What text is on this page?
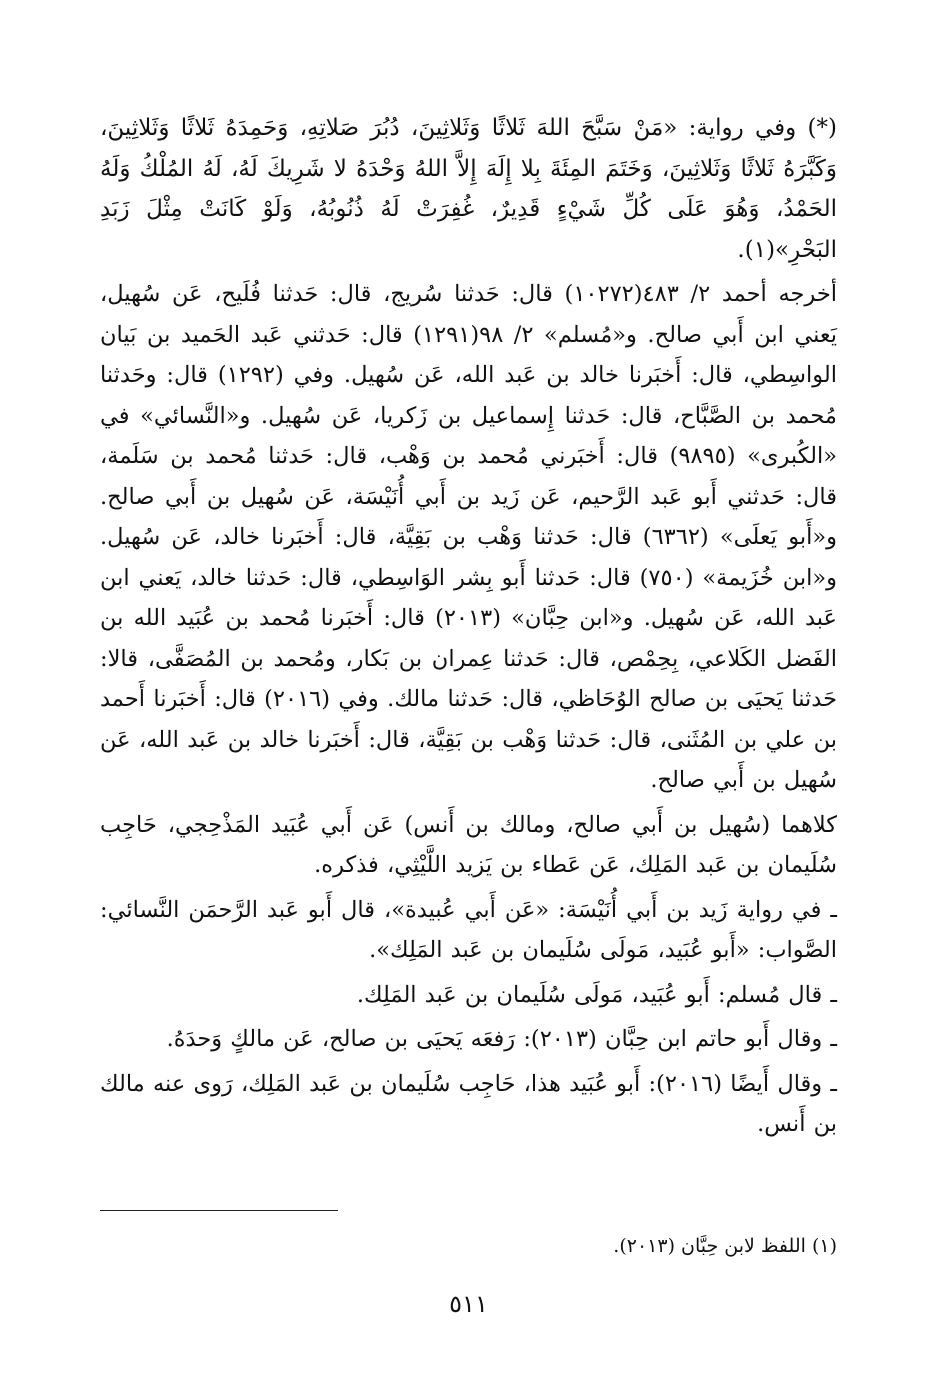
(*) وفي رواية: «مَنْ سَبَّحَ اللهَ ثَلاثًا وَثَلاثِينَ، دُبُرَ صَلاتِهِ، وَحَمِدَهُ ثَلاثًا وَثَلاثِينَ، وَكَبَّرَهُ ثَلاثًا وَثَلاثِينَ، وَخَتَمَ المِئَةَ بِلا إِلَهَ إِلاَّ اللهُ وَحْدَهُ لا شَرِيكَ لَهُ، لَهُ المُلْكُ وَلَهُ الحَمْدُ، وَهُوَ عَلَى كُلِّ شَيْءٍ قَدِيرٌ، غُفِرَتْ لَهُ ذُنُوبُهُ، وَلَوْ كَانَتْ مِثْلَ زَبَدِ البَحْرِ»(١).

أخرجه أحمد ٢/ ٤٨٣(١٠٢٧٢) قال: حَدثنا سُريج، قال: حَدثنا فُلَيح، عَن سُهيل، يَعني ابن أَبي صالح. و«مُسلم» ٢/ ٩٨(١٢٩١) قال: حَدثني عَبد الحَميد بن بَيان الواسِطي، قال: أَخبَرنا خالد بن عَبد الله، عَن سُهيل. وفي (١٢٩٢) قال: وحَدثنا مُحمد بن الصَّبَّاح، قال: حَدثنا إِسماعيل بن زَكريا، عَن سُهيل. و«النَّسائي» في «الكُبرى» (٩٨٩٥) قال: أَخبَرني مُحمد بن وَهْب، قال: حَدثنا مُحمد بن سَلَمة، قال: حَدثني أَبو عَبد الرَّحيم، عَن زَيد بن أَبي أُنَيْسَة، عَن سُهيل بن أَبي صالح. و«أَبو يَعلَى» (٦٣٦٢) قال: حَدثنا وَهْب بن بَقِيَّة، قال: أَخبَرنا خالد، عَن سُهيل. و«ابن خُزَيمة» (٧٥٠) قال: حَدثنا أَبو بِشر الوَاسِطي، قال: حَدثنا خالد، يَعني ابن عَبد الله، عَن سُهيل. و«ابن حِبَّان» (٢٠١٣) قال: أَخبَرنا مُحمد بن عُبَيد الله بن الفَضل الكَلاعي، بِحِمْص، قال: حَدثنا عِمران بن بَكار، ومُحمد بن المُصَفَّى، قالا: حَدثنا يَحيَى بن صالح الوُحَاظي، قال: حَدثنا مالك. وفي (٢٠١٦) قال: أَخبَرنا أَحمد بن علي بن المُثَنى، قال: حَدثنا وَهْب بن بَقِيَّة، قال: أَخبَرنا خالد بن عَبد الله، عَن سُهيل بن أَبي صالح.

كلاهما (سُهيل بن أَبي صالح، ومالك بن أَنس) عَن أَبي عُبَيد المَذْحِجي، حَاجِب سُلَيمان بن عَبد المَلِك، عَن عَطاء بن يَزيد اللَّيْثِي، فذكره.

ـ في رواية زَيد بن أَبي أُنَيْسَة: «عَن أَبي عُبيدة»، قال أَبو عَبد الرَّحمَن النَّسائي: الصَّواب: «أَبو عُبَيد، مَولَى سُلَيمان بن عَبد المَلِك».

ـ قال مُسلم: أَبو عُبَيد، مَولَى سُلَيمان بن عَبد المَلِك.

ـ وقال أَبو حاتم ابن حِبَّان (٢٠١٣): رَفعَه يَحيَى بن صالح، عَن مالكٍ وَحدَهُ.

ـ وقال أَيضًا (٢٠١٦): أَبو عُبَيد هذا، حَاجِب سُلَيمان بن عَبد المَلِك، رَوى عنه مالك بن أَنس.

(١) اللفظ لابن حِبَّان (٢٠١٣).

٥١١
